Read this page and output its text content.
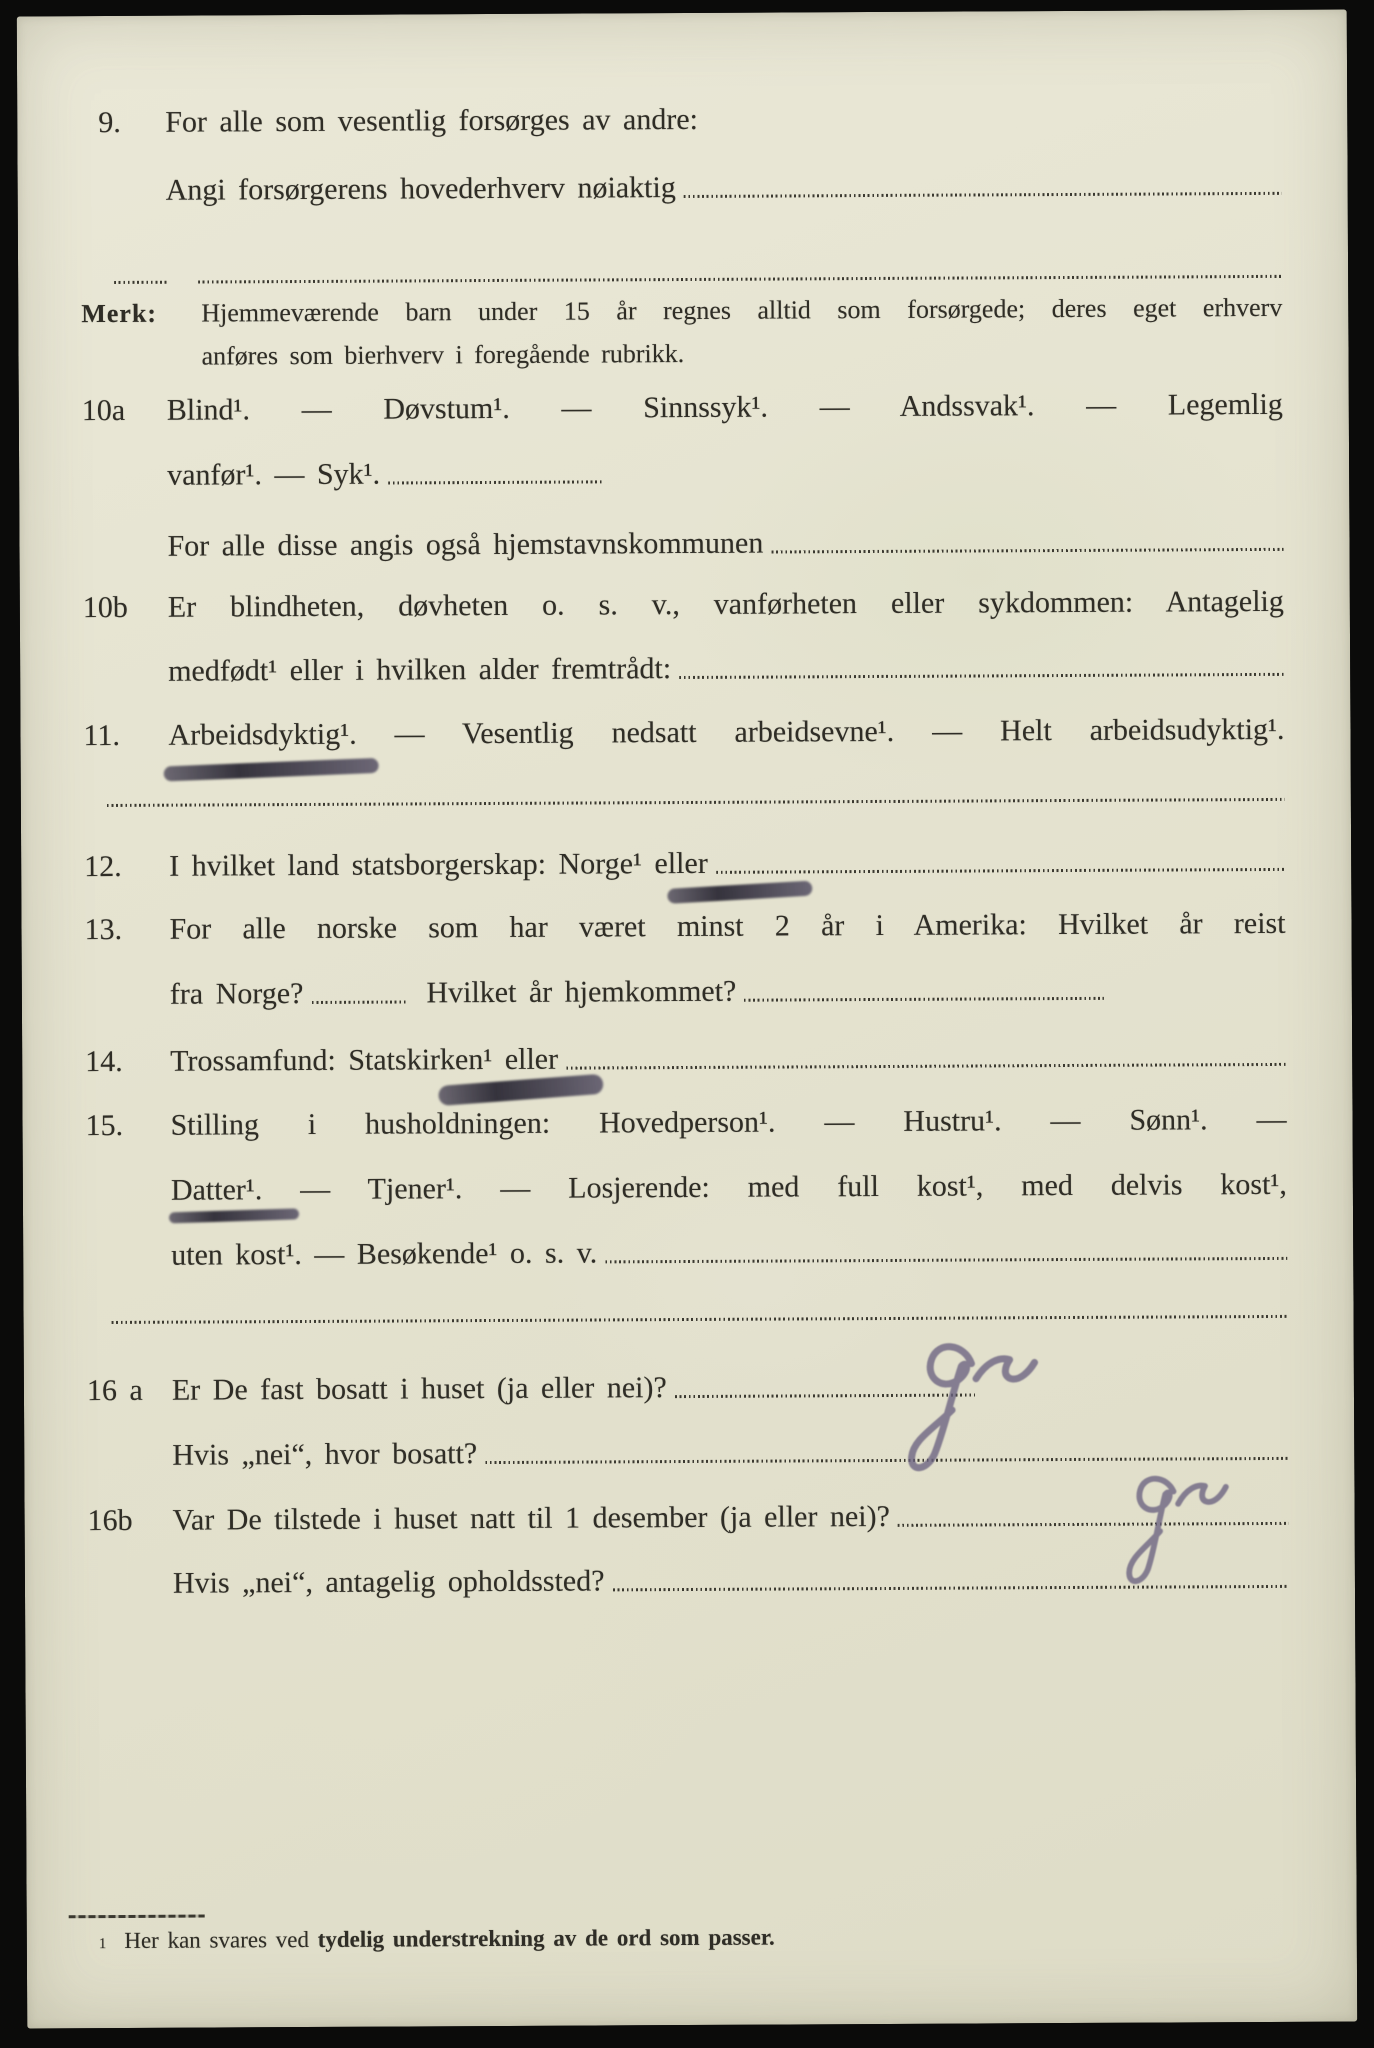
9.	For alle som vesentlig forsørges av andre:
Angi forsørgerens hovederhverv nøiaktig
Merk:	Hjemmeværende barn under 15 år regnes alltid som forsørgede; deres eget erhverv
anføres som bierhverv i foregående rubrikk.
10a	Blind¹. — Døvstum¹. — Sinnssyk¹. — Andssvak¹. — Legemlig
vanfør¹. — Syk¹.
For alle disse angis også hjemstavnskommunen
10b	Er blindheten, døvheten o. s. v., vanførheten eller sykdommen: Antagelig
medfødt¹ eller i hvilken alder fremtrådt:
11.	Arbeidsdyktig¹. — Vesentlig nedsatt arbeidsevne¹. — Helt arbeidsudyktig¹.
12.	I hvilket land statsborgerskap: Norge¹ eller
13.	For alle norske som har været minst 2 år i Amerika: Hvilket år reist
fra Norge?	Hvilket år hjemkommet?
14.	Trossamfund: Statskirken¹ eller
15.	Stilling i husholdningen: Hovedperson¹. — Hustru¹. — Sønn¹. —
Datter¹. — Tjener¹. — Losjerende: med full kost¹, med delvis kost¹,
uten kost¹. — Besøkende¹ o. s. v.
16 a Er De fast bosatt i huset (ja eller nei)?
Hvis „nei“, hvor bosatt?
16b	Var De tilstede i huset natt til 1 desember (ja eller nei)?
Hvis „nei“, antagelig opholdssted?
1 Her kan svares ved tydelig understrekning av de ord som passer.
